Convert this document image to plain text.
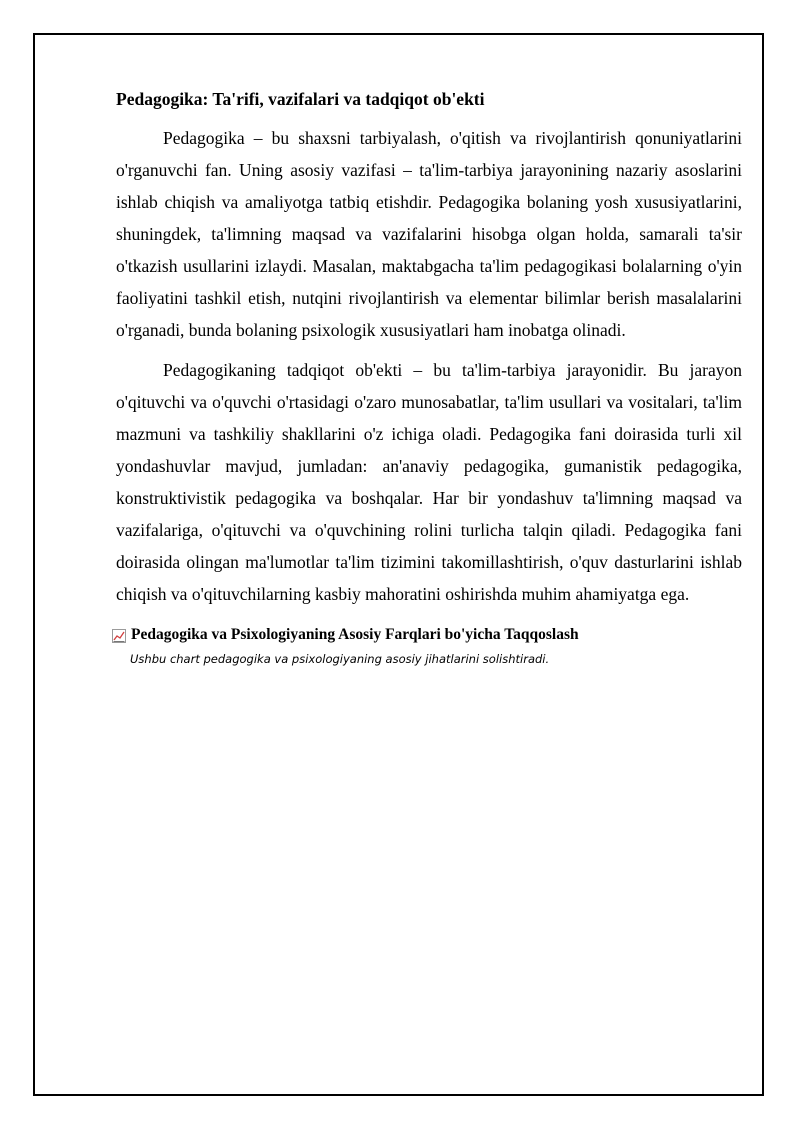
Pedagogika: Ta'rifi, vazifalari va tadqiqot ob'ekti

Pedagogika – bu shaxsni tarbiyalash, o'qitish va rivojlantirish qonuniyatlarini o'rganuvchi fan. Uning asosiy vazifasi – ta'lim-tarbiya jarayonining nazariy asoslarini ishlab chiqish va amaliyotga tatbiq etishdir. Pedagogika bolaning yosh xususiyatlarini, shuningdek, ta'limning maqsad va vazifalarini hisobga olgan holda, samarali ta'sir o'tkazish usullarini izlaydi. Masalan, maktabgacha ta'lim pedagogikasi bolalarning o'yin faoliyatini tashkil etish, nutqini rivojlantirish va elementar bilimlar berish masalalarini o'rganadi, bunda bolaning psixologik xususiyatlari ham inobatga olinadi.

Pedagogikaning tadqiqot ob'ekti – bu ta'lim-tarbiya jarayonidir. Bu jarayon o'qituvchi va o'quvchi o'rtasidagi o'zaro munosabatlar, ta'lim usullari va vositalari, ta'lim mazmuni va tashkiliy shakllarini o'z ichiga oladi. Pedagogika fani doirasida turli xil yondashuvlar mavjud, jumladan: an'anaviy pedagogika, gumanistik pedagogika, konstruktivistik pedagogika va boshqalar. Har bir yondashuv ta'limning maqsad va vazifalariga, o'qituvchi va o'quvchining rolini turlicha talqin qiladi. Pedagogika fani doirasida olingan ma'lumotlar ta'lim tizimini takomillashtirish, o'quv dasturlarini ishlab chiqish va o'qituvchilarning kasbiy mahoratini oshirishda muhim ahamiyatga ega.

Pedagogika va Psixologiyaning Asosiy Farqlari bo'yicha Taqqoslash
Ushbu chart pedagogika va psixologiyaning asosiy jihatlarini solishtiradi.
